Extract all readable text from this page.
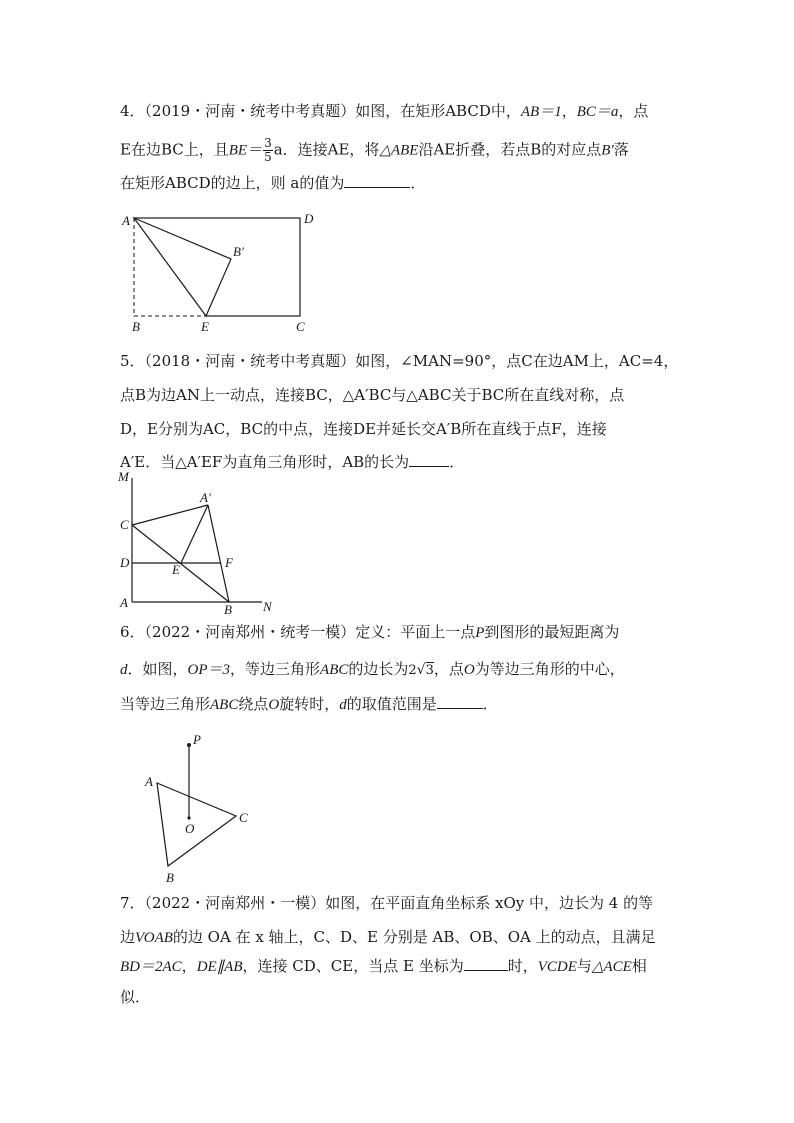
4．（2019・河南・统考中考真题）如图，在矩形ABCD中，AB＝1，BC＝a，点
E在边BC上，且$BE= \frac{3}{5}$ a．连接AE，将△ABE沿AE折叠，若点B的对应点B′落
在矩形ABCD的边上，则 a的值为	．
A	D
B′
B	E	C
5．（2018・河南・统考中考真题）如图，∠MAN=90°，点C在边AM上，AC=4，
点B为边AN上一动点，连接BC，△A′BC与△ABC关于BC所在直线对称，点
D，E分别为AC，BC的中点，连接DE并延长交A′B所在直线于点F，连接
A′E．当△A′EF为直角三角形时，AB的长为	．
M
A′
C
D	E	F
A	B N
6．（2022・河南郑州・统考一模）定义：平面上一点P到图形的最短距离为
d．如图，OP＝3，等边三角形ABC的边长为2√3，点O为等边三角形的中心，
当等边三角形ABC绕点O旋转时，d的取值范围是	．
P
A
O
C
B
7．（2022・河南郑州・一模）如图，在平面直角坐标系 xOy 中，边长为 4 的等
边VOAB的边 OA 在 x 轴上，C、D、E 分别是 AB、OB、OA 上的动点，且满足
BD＝2AC，DE∥AB，连接 CD、CE，当点 E 坐标为	时，VCDE与△ACE相
似．
